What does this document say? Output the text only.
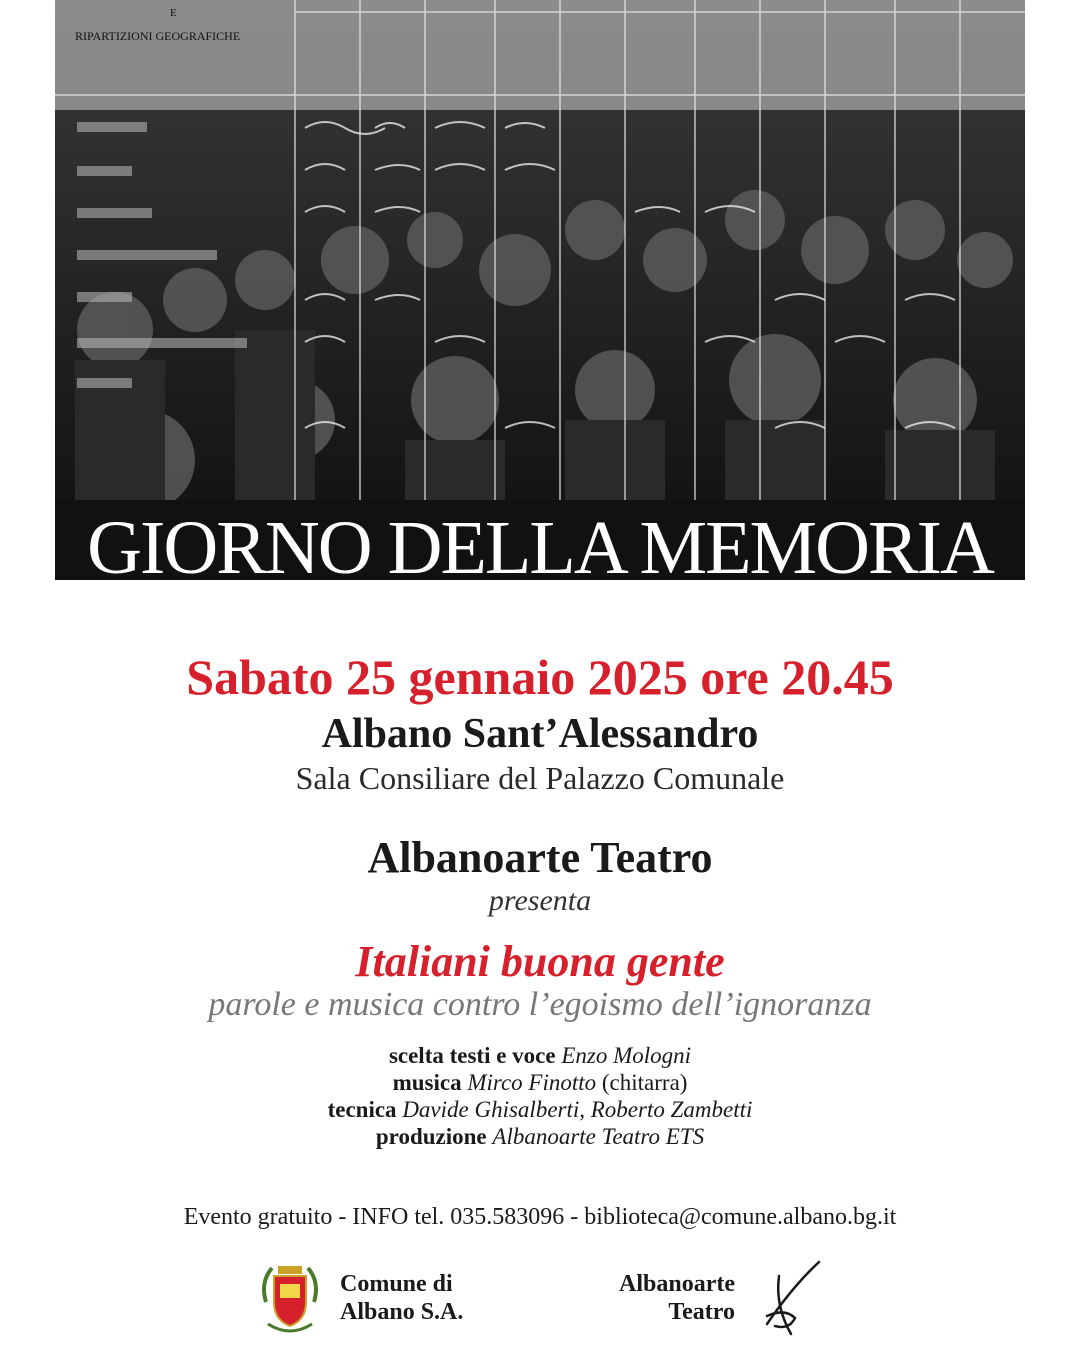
E
RIPARTIZIONI GEOGRAFICHE
GIORNO DELLA MEMORIA
Sabato 25 gennaio 2025 ore 20.45
Albano Sant’Alessandro
Sala Consiliare del Palazzo Comunale
Albanoarte Teatro
presenta
Italiani buona gente
parole e musica contro l’egoismo dell’ignoranza
scelta testi e voce Enzo Mologni
musica Mirco Finotto (chitarra)
tecnica Davide Ghisalberti, Roberto Zambetti
produzione Albanoarte Teatro ETS
Evento gratuito - INFO tel. 035.583096 - biblioteca@comune.albano.bg.it
Comune di
Albano S.A.
Albanoarte
Teatro
